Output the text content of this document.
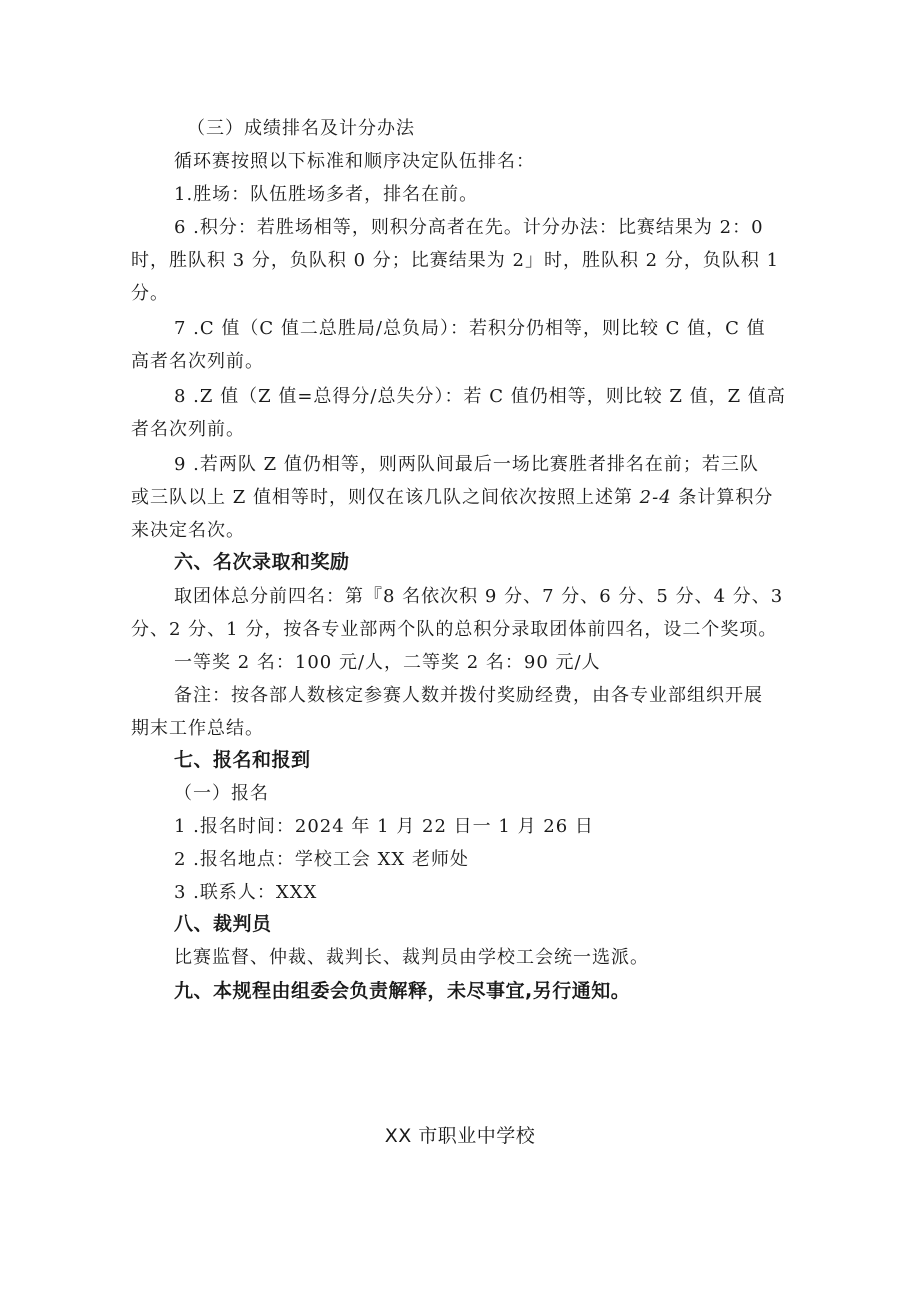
（三）成绩排名及计分办法
循环赛按照以下标准和顺序决定队伍排名：
1.胜场：队伍胜场多者，排名在前。
6 .积分：若胜场相等，则积分高者在先。计分办法：比赛结果为 2：0
时，胜队积 3 分，负队积 0 分；比赛结果为 2」时，胜队积 2 分，负队积 1
分。
7 .C 值（C 值二总胜局/总负局）：若积分仍相等，则比较 C 值，C 值
高者名次列前。
8 .Z 值（Z 值=总得分/总失分）：若 C 值仍相等，则比较 Z 值，Z 值高
者名次列前。
9 .若两队 Z 值仍相等，则两队间最后一场比赛胜者排名在前；若三队
或三队以上 Z 值相等时，则仅在该几队之间依次按照上述第 2-4 条计算积分
来决定名次。
六、名次录取和奖励
取团体总分前四名：第『8 名依次积 9 分、7 分、6 分、5 分、4 分、3
分、2 分、1 分，按各专业部两个队的总积分录取团体前四名，设二个奖项。
一等奖 2 名：100 元/人，二等奖 2 名：90 元/人
备注：按各部人数核定参赛人数并拨付奖励经费，由各专业部组织开展
期末工作总结。
七、报名和报到
（一）报名
1 .报名时间：2024 年 1 月 22 日一 1 月 26 日
2 .报名地点：学校工会 XX 老师处
3 .联系人：XXX
八、裁判员
比赛监督、仲裁、裁判长、裁判员由学校工会统一选派。
九、本规程由组委会负责解释，未尽事宜,另行通知。
XX 市职业中学校
